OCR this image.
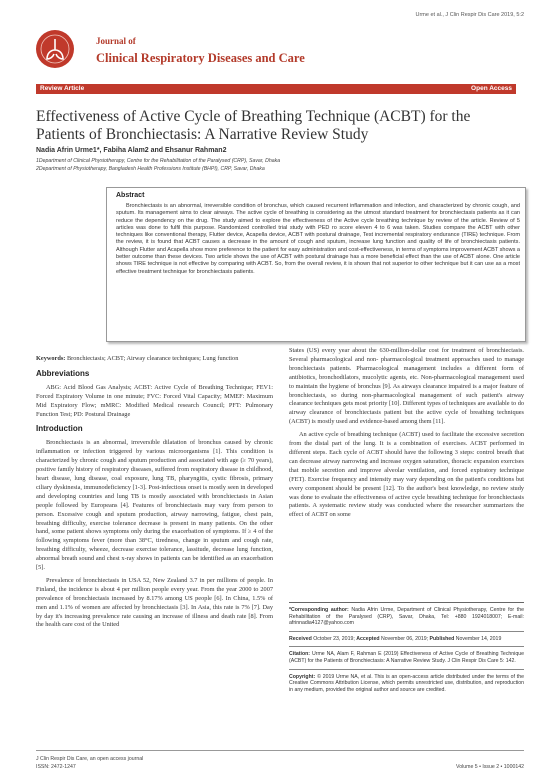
Urme et al., J Clin Respir Dis Care 2019, 5:2
Journal of
Clinical Respiratory Diseases and Care
Review Article	Open Access
Effectiveness of Active Cycle of Breathing Technique (ACBT) for the Patients of Bronchiectasis: A Narrative Review Study
Nadia Afrin Urme1*, Fabiha Alam2 and Ehsanur Rahman2
1Department of Clinical Physiotherapy, Centre for the Rehabilitation of the Paralysed (CRP), Savar, Dhaka
2Department of Physiotherapy, Bangladesh Health Professions Institute (BHPI), CRP, Savar, Dhaka
Abstract
Bronchiectasis is an abnormal, irreversible condition of bronchus, which caused recurrent inflammation and infection, and characterized by chronic cough, and sputum. Its management aims to clear airways. The active cycle of breathing is considering as the utmost standard treatment for bronchiectasis patients as it can reduce the dependency on the drug. The study aimed to explore the effectiveness of the Active cycle breathing technique by review of the article. Review of 5 articles was done to fulfil this purpose. Randomized controlled trial study with PED ro score eleven 4 to 6 was taken. Studies compare the ACBT with other techniques like conventional therapy, Flutter device, Acapella device, ACBT with postural drainage, Test incremental respiratory endurance (TIRE) technique. From the review, it is found that ACBT causes a decrease in the amount of cough and sputum, increase lung function and quality of life of bronchiectasis patients. Although Flutter and Acapella show more preference to the patient for easy administration and cost-effectiveness, in terms of symptoms improvement ACBT shows a better outcome than these devices. Two article shows the use of ACBT with postural drainage has a more beneficial effect than the use of ACBT alone. One article shows TIRE technique is not effective by comparing with ACBT. So, from the overall review, it is shown that not superior to other technique but it can use as a most effective treatment technique for bronchiectasis patients.

Keywords: Bronchiectasis; ACBT; Airway clearance techniques; Lung function

Abbreviations

ABG: Acid Blood Gas Analysis; ACBT: Active Cycle of Breathing Technique; FEV1: Forced Expiratory Volume in one minute; FVC: Forced Vital Capacity; MMEF: Maximum Mid Expiratory Flow; mMRC: Modified Medical research Council; PFT: Pulmonary Function Test; PD: Postural Drainage

Introduction

Bronchiectasis is an abnormal, irreversible dilatation of bronchus caused by chronic inflammation or infection triggered by various microorganisms [1]. This condition is characterized by chronic cough and sputum production and associated with age (≥ 70 years), positive family history of respiratory diseases, suffered from respiratory disease in childhood, heart disease, lung disease, coal exposure, lung TB, pharyngitis, cystic fibrosis, primary ciliary dyskinesia, immunodeficiency [1-3]. Post-infectious onset is mostly seen in developed and developing countries and lung TB is mostly associated with bronchiectasis in Asian people followed by Europeans [4]. Features of bronchiectasis may vary from person to person. Excessive cough and sputum production, airway narrowing, fatigue, chest pain, breathing difficulty, exercise tolerance decrease is present in many patients. On the other hand, some patient shows symptoms only during the exacerbation of symptoms. If ≥ 4 of the following symptoms fever (more than 38°C, tiredness, change in sputum and cough rate, breathing difficulty, wheeze, decrease exercise tolerance, lassitude, decrease lung function, abnormal breath sound and chest x-ray shows in patients can be identified as an exacerbation [5].

Prevalence of bronchiectasis in USA 52, New Zealand 3.7 in per millions of people. In Finland, the incidence is about 4 per million people every year. From the year 2000 to 2007 prevalence of bronchiectasis increased by 8.17% among US people [6]. In China, 1.5% of men and 1.1% of women are affected by bronchiectasis [3]. In Asia, this rate is 7% [7]. Day by day it's increasing prevalence rate causing an increase of illness and death rate [8]. From the health care cost of the United

States (US) every year about the 630-million-dollar cost for treatment of bronchiectasis. Several pharmacological and non- pharmacological treatment approaches used to manage bronchiectasis patients. Pharmacological management includes a different form of antibiotics, bronchodilators, mucolytic agents, etc. Non-pharmacological management used to maintain the hygiene of bronchus [9]. As airways clearance impaired is a major feature of bronchiectasis, so during non-pharmacological management of such patient's airway clearance techniques gets most priority [10]. Different types of techniques are available to do airway clearance of bronchiectasis patient but the active cycle of breathing techniques (ACBT) is mostly used and evidence-based among them [11].

An active cycle of breathing technique (ACBT) used to facilitate the excessive secretion from the distal part of the lung. It is a combination of exercises. ACBT performed in different steps. Each cycle of ACBT should have the following 3 steps: control breath that can decrease airway narrowing and increase oxygen saturation, thoracic expansion exercises that mobile secretion and improve alveolar ventilation, and forced expiratory technique (FET). Exercise frequency and intensity may vary depending on the patient's conditions but every component should be present [12]. To the author's best knowledge, no review study was done to evaluate the effectiveness of active cycle breathing technique for bronchiectasis patients. A systematic review study was conducted where the researcher summarizes the effect of ACBT on some

*Corresponding author: Nadia Afrin Urme, Department of Clinical Physiotherapy, Centre for the Rehabilitation of the Paralysed (CRP), Savar, Dhaka, Tel: +880 1924018007; E-mail: afrinnadia4127@yahoo.com
Received October 23, 2019; Accepted November 06, 2019; Published November 14, 2019
Citation: Urme NA, Alam F, Rahman E (2019) Effectiveness of Active Cycle of Breathing Technique (ACBT) for the Patients of Bronchiectasis: A Narrative Review Study. J Clin Respir Dis Care 5: 142.
Copyright: © 2019 Urme NA, et al. This is an open-access article distributed under the terms of the Creative Commons Attribution License, which permits unrestricted use, distribution, and reproduction in any medium, provided the original author and source are credited.
J Clin Respir Dis Care, an open access journal
ISSN: 2472-1247	Volume 5 • Issue 2 • 1000142
